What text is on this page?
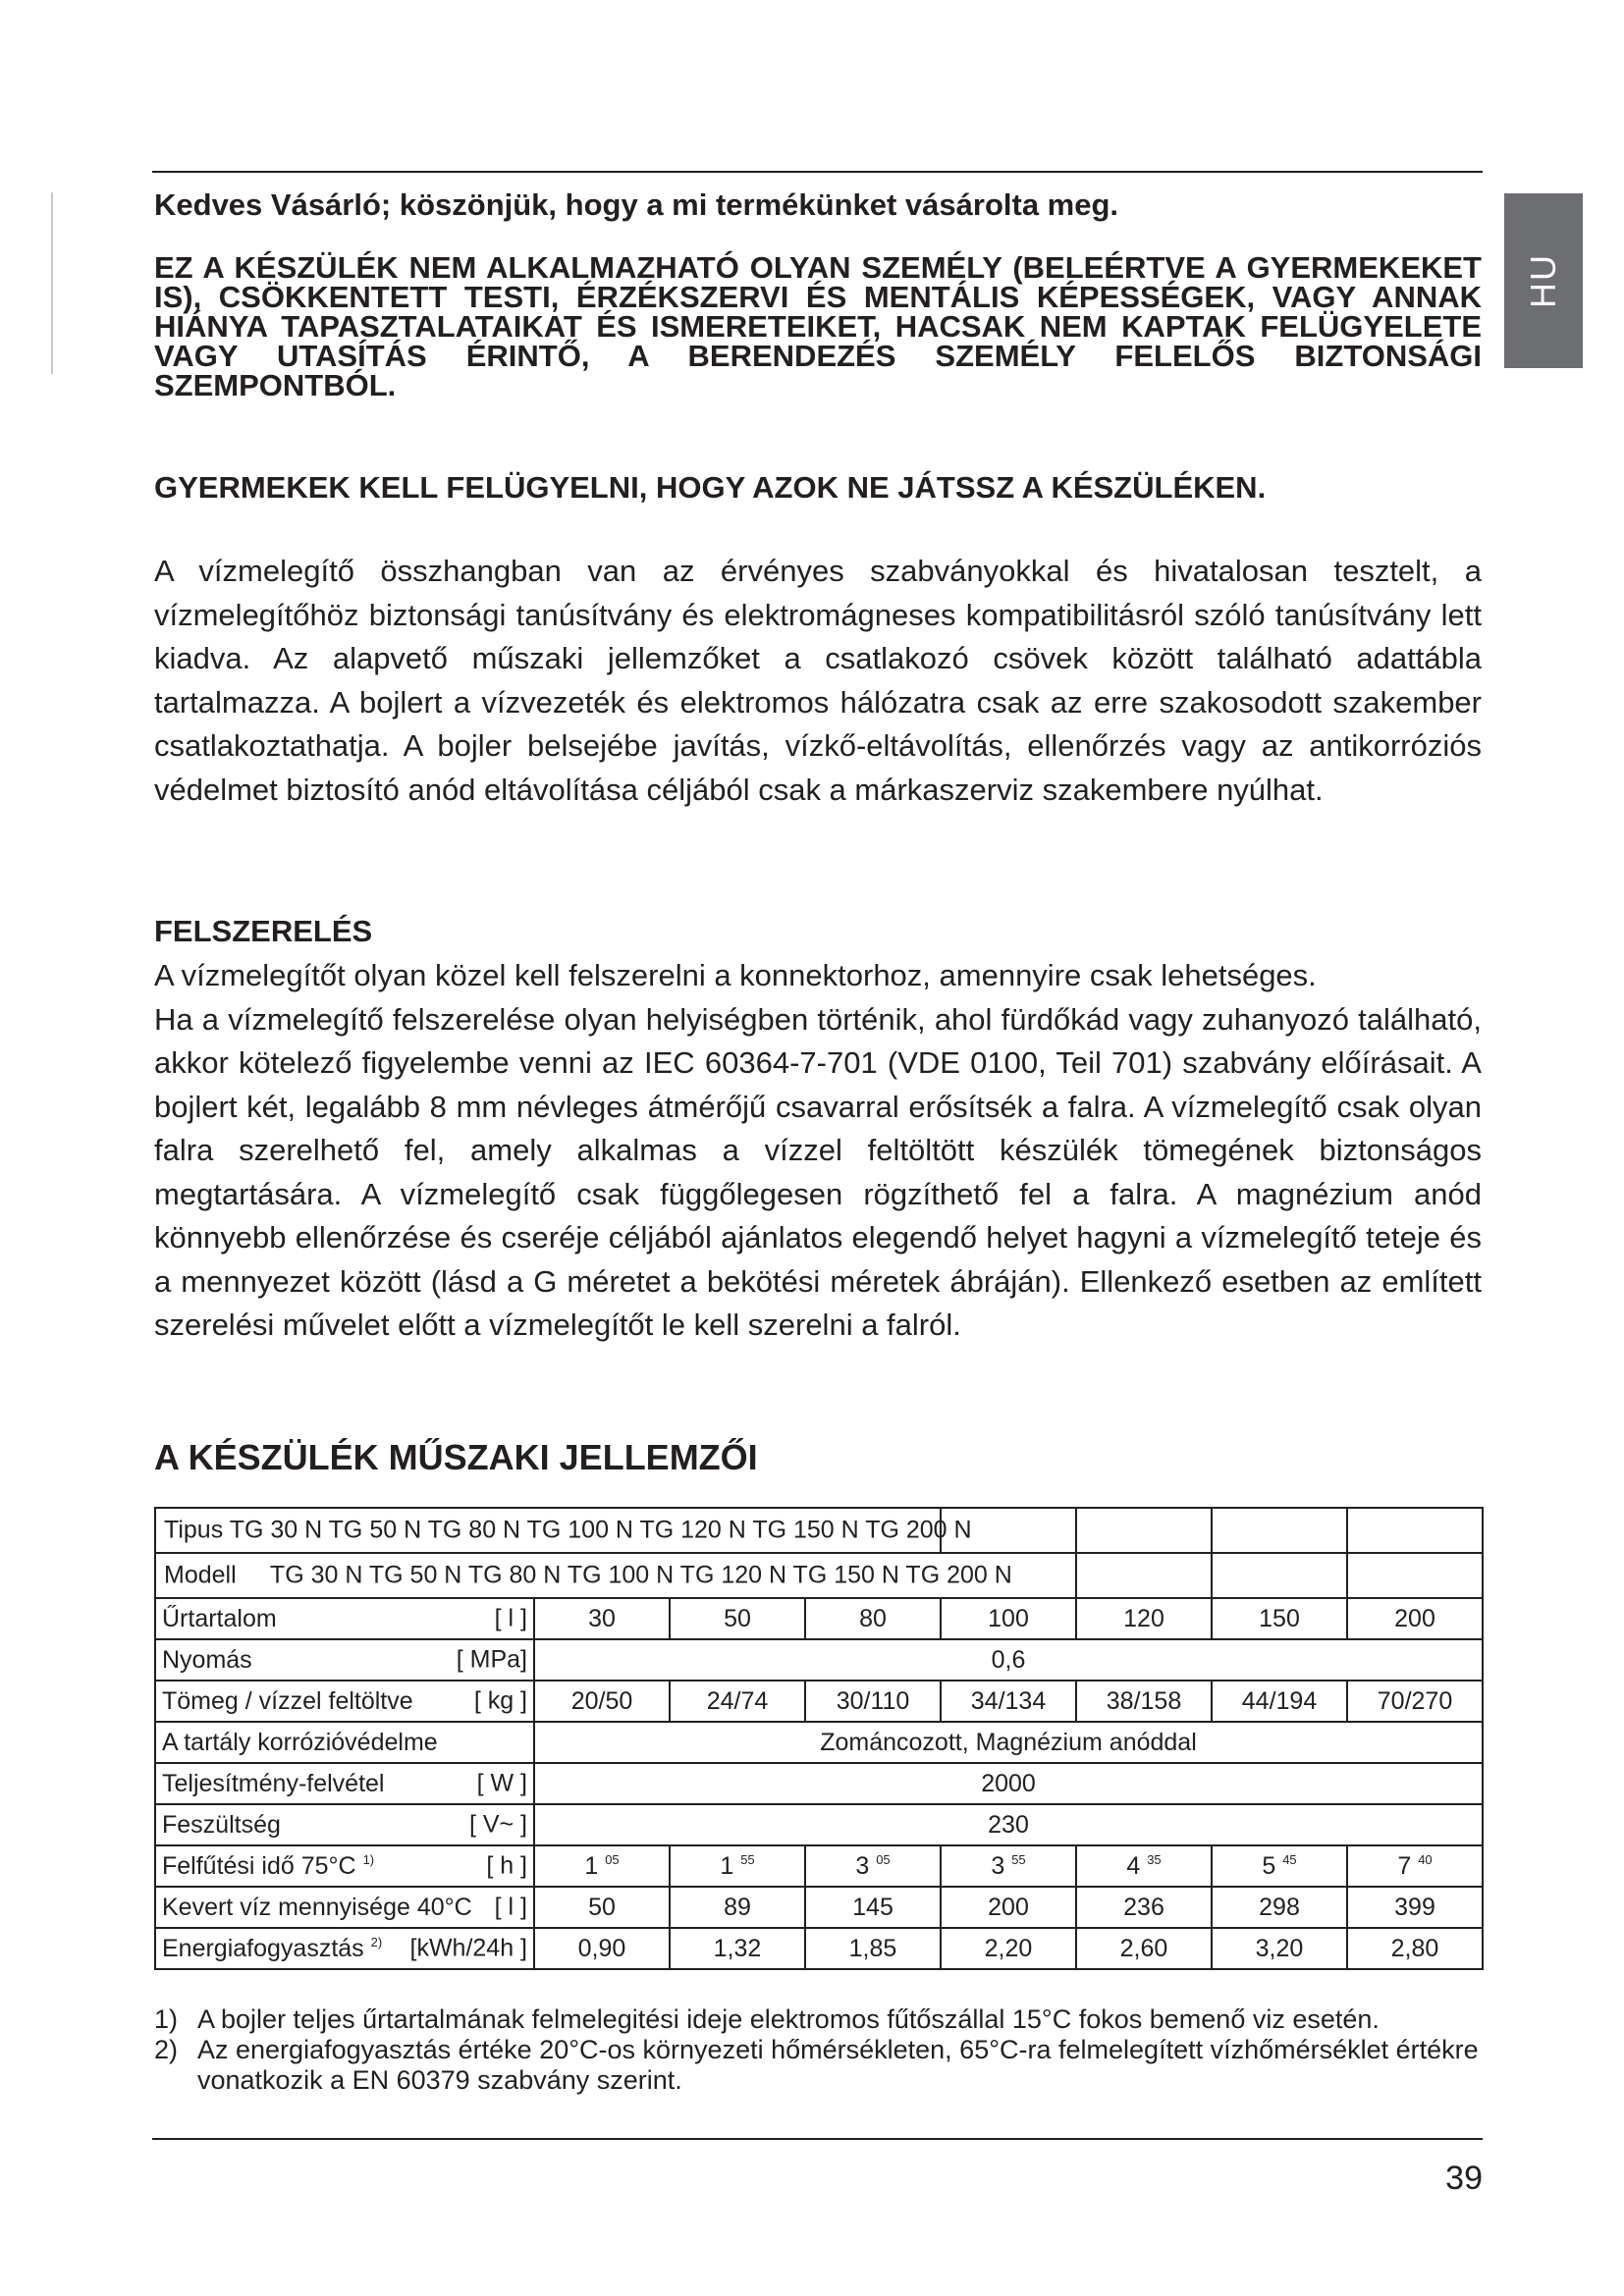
HU
Kedves Vásárló; köszönjük, hogy a mi termékünket vásárolta meg.
EZ A KÉSZÜLÉK NEM ALKALMAZHATÓ OLYAN SZEMÉLY (BELEÉRTVE A GYERMEKEKET IS), CSÖKKENTETT TESTI, ÉRZÉKSZERVI ÉS MENTÁLIS KÉPESSÉGEK, VAGY ANNAK HIÁNYA TAPASZTALATAIKAT ÉS ISMERETEIKET, HACSAK NEM KAPTAK FELÜGYELETE VAGY UTASÍTÁS ÉRINTŐ, A BERENDEZÉS SZEMÉLY FELELŐS BIZTONSÁGI SZEMPONTBÓL.
GYERMEKEK KELL FELÜGYELNI, HOGY AZOK NE JÁTSSZ A KÉSZÜLÉKEN.
A vízmelegítő összhangban van az érvényes szabványokkal és hivatalosan tesztelt, a vízmelegítőhöz biztonsági tanúsítvány és elektromágneses kompatibilitásról szóló tanúsítvány lett kiadva. Az alapvető műszaki jellemzőket a csatlakozó csövek között található adattábla tartalmazza. A bojlert a vízvezeték és elektromos hálózatra csak az erre szakosodott szakember csatlakoztathatja. A bojler belsejébe javítás, vízkő-eltávolítás, ellenőrzés vagy az antikorróziós védelmet biztosító anód eltávolítása céljából csak a márkaszerviz szakembere nyúlhat.
FELSZERELÉS
A vízmelegítőt olyan közel kell felszerelni a konnektorhoz, amennyire csak lehetséges.
Ha a vízmelegítő felszerelése olyan helyiségben történik, ahol fürdőkád vagy zuhanyozó található, akkor kötelező figyelembe venni az IEC 60364-7-701 (VDE 0100, Teil 701) szabvány előírásait. A bojlert két, legalább 8 mm névleges átmérőjű csavarral erősítsék a falra. A vízmelegítő csak olyan falra szerelhető fel, amely alkalmas a vízzel feltöltött készülék tömegének biztonságos megtartására. A vízmelegítő csak függőlegesen rögzíthető fel a falra. A magnézium anód könnyebb ellenőrzése és cseréje céljából ajánlatos elegendő helyet hagyni a vízmelegítő teteje és a mennyezet között (lásd a G méretet a bekötési méretek ábráján). Ellenkező esetben az említett szerelési művelet előtt a vízmelegítőt le kell szerelni a falról.
A KÉSZÜLÉK MŰSZAKI JELLEMZŐI
Tipus TG 30 N TG 50 N TG 80 N TG 100 N TG 120 N TG 150 N TG 200 N							

Modell     TG 30 N TG 50 N TG 80 N TG 100 N TG 120 N TG 150 N TG 200 N							

Űrtartalom [ l ]	30	50	80	100	120	150	200
Nyomás [ MPa]	0,6						
Tömeg / vízzel feltöltve [ kg ]	20/50	24/74	30/110	34/134	38/158	44/194	70/270
A tartály korrózióvédelme	Zománcozott, Magnézium anóddal						
Teljesítmény-felvétel [ W ]	2000						
Feszültség [ V~ ]	230						
Felfűtési idő 75°C $^{1)}$ [ h ]	1 $^{05}$	1 $^{55}$	3 $^{05}$	3 $^{55}$	4 $^{35}$	5 $^{45}$	7 $^{40}$
Kevert víz mennyisége 40°C [ l ]	50	89	145	200	236	298	399
Energiafogyasztás $^{2)}$ [kWh/24h ]	0,90	1,32	1,85	2,20	2,60	3,20	2,80
1) A bojler teljes űrtartalmának felmelegitési ideje elektromos fűtőszállal 15°C fokos bemenő viz esetén.
2) Az energiafogyasztás értéke 20°C-os környezeti hőmérsékleten, 65°C-ra felmelegített vízhőmérséklet értékre vonatkozik a EN 60379 szabvány szerint.
39
